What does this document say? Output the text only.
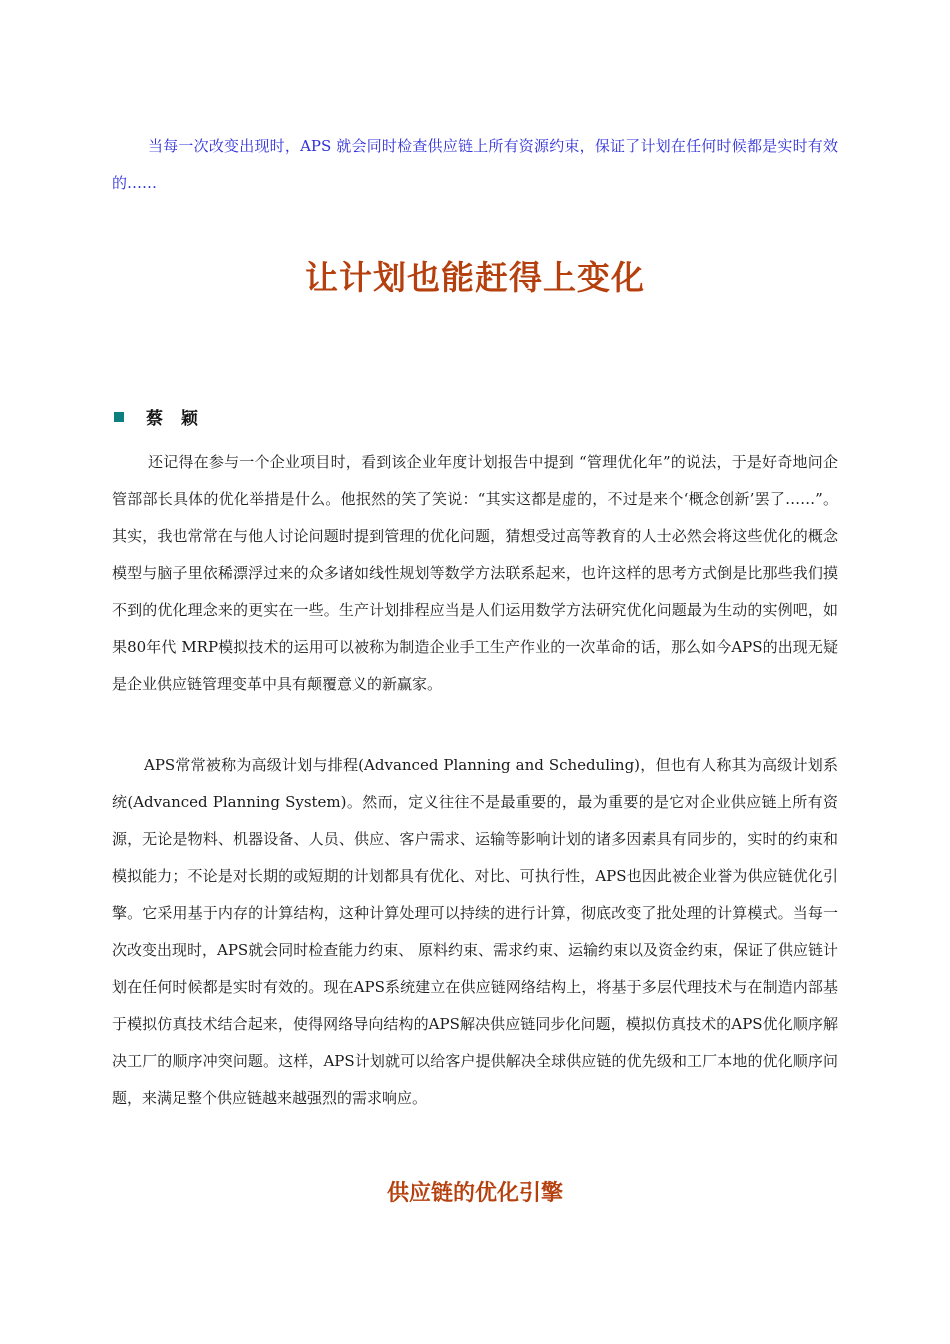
当每一次改变出现时，APS 就会同时检查供应链上所有资源约束，保证了计划在任何时候都是实时有效的……

让计划也能赶得上变化
蔡 颖

还记得在参与一个企业项目时，看到该企业年度计划报告中提到 “管理优化年”的说法，于是好奇地问企管部部长具体的优化举措是什么。他抿然的笑了笑说：“其实这都是虚的，不过是来个‘概念创新’罢了……”。其实，我也常常在与他人讨论问题时提到管理的优化问题，猜想受过高等教育的人士必然会将这些优化的概念模型与脑子里依稀漂浮过来的众多诸如线性规划等数学方法联系起来，也许这样的思考方式倒是比那些我们摸不到的优化理念来的更实在一些。生产计划排程应当是人们运用数学方法研究优化问题最为生动的实例吧，如果80年代 MRP模拟技术的运用可以被称为制造企业手工生产作业的一次革命的话，那么如今APS的出现无疑是企业供应链管理变革中具有颠覆意义的新赢家。

APS常常被称为高级计划与排程(Advanced Planning and Scheduling)，但也有人称其为高级计划系统(Advanced Planning System)。然而，定义往往不是最重要的，最为重要的是它对企业供应链上所有资源，无论是物料、机器设备、人员、供应、客户需求、运输等影响计划的诸多因素具有同步的，实时的约束和模拟能力；不论是对长期的或短期的计划都具有优化、对比、可执行性，APS也因此被企业誉为供应链优化引擎。它采用基于内存的计算结构，这种计算处理可以持续的进行计算，彻底改变了批处理的计算模式。当每一次改变出现时，APS就会同时检查能力约束、 原料约束、需求约束、运输约束以及资金约束，保证了供应链计划在任何时候都是实时有效的。现在APS系统建立在供应链网络结构上，将基于多层代理技术与在制造内部基于模拟仿真技术结合起来，使得网络导向结构的APS解决供应链同步化问题，模拟仿真技术的APS优化顺序解决工厂的顺序冲突问题。这样，APS计划就可以给客户提供解决全球供应链的优先级和工厂本地的优化顺序问题，来满足整个供应链越来越强烈的需求响应。

供应链的优化引擎
